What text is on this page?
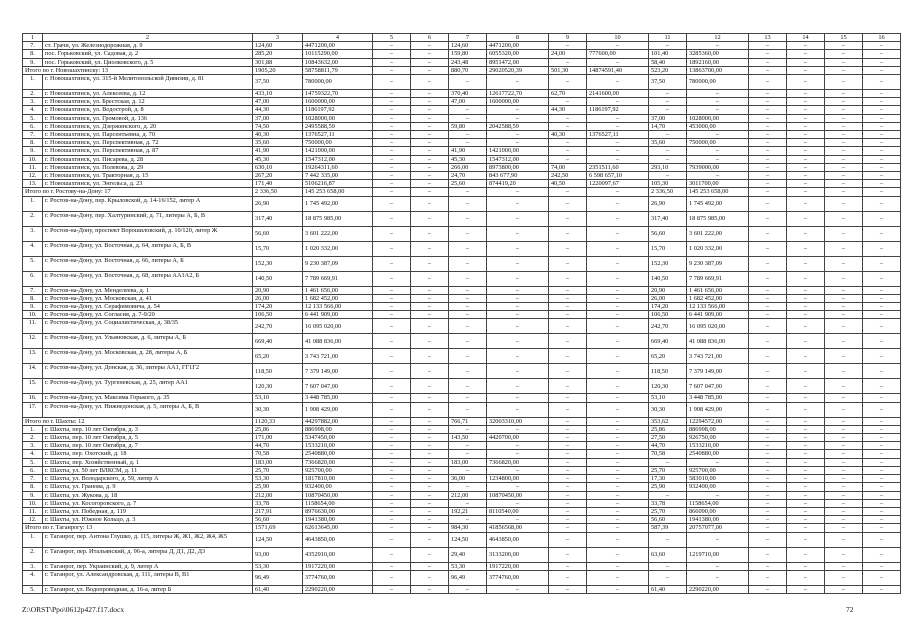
1	2	3	4	5	6	7	8	9	10	11	12	13	14	15	16
7.	ст. Грачи, ул. Железнодорожная, д. 9	124,60	4471200,00	–	–	124,60	4471200,00	–	–	–	–	–	–	–	–
8.	пос. Горьковский, ул. Садовая, д. 2	285,20	10115290,00	–	–	159,80	6055320,00	24,00	777600,00	101,40	3285360,00	–	–	–	–
9.	пос. Горьковский, ул. Циолковского, д. 5	301,88	10843632,00	–	–	243,48	8951472,00	–	–	58,40	1892160,00	–	–	–	–
Итого по г. Новошахтинску: 13		1905,20	58758811,79	–	–	880,70	29020520,39	501,30	14874591,40	523,20	13863700,00	–	–	–	–
1.	г. Новошахтинск, ул. 315-й Мелитопольской Дивизии, д. 81	37,50	780000,00	–	–	–	–	–	–	37,50	780000,00	–	–	–	–
2.	г. Новошахтинск, ул. Алексеева, д. 12	433,10	14759322,70	–	–	370,40	12617722,70	62,70	2141600,00	–	–	–	–	–	–
3.	г. Новошахтинск, ул. Брестская, д. 12	47,00	1600000,00	–	–	47,00	1600000,00	–	–	–	–	–	–	–	–
4.	г. Новошахтинск, ул. Водострой, д. 8	44,30	1186197,92	–	–	–	–	44,30	1186197,92	–	–	–	–	–	–
5.	г. Новошахтинск, ул. Громовой, д. 136	37,00	1028000,00	–	–	–	–	–	–	37,00	1028000,00	–	–	–	–
6.	г. Новошахтинск, ул. Дзержинского, д. 20	74,50	2495588,59	–	–	59,80	2042588,59	–	–	14,70	453000,00	–	–	–	–
7.	г. Новошахтинск, ул. Парсентьевна, д. 70	40,30	1376527,11	–	–	–	–	40,30	1376527,11	–	–	–	–	–	–
8.	г. Новошахтинск, ул. Перспективная, д. 72	35,60	750000,00	–	–	–	–	–	–	35,60	750000,00	–	–	–	–
9.	г. Новошахтинск, ул. Перспективная, д. 87	41,90	1421000,00	–	–	41,90	1421000,00	–	–	–	–	–	–	–	–
10.	г. Новошахтинск, ул. Писарева, д. 28	45,30	1547312,00	–	–	45,30	1547312,00	–	–	–	–	–	–	–	–
11.	г. Новошахтинск, ул. Полевова, д. 29	630,10	19264311,60	–	–	266,00	8973800,00	74,00	2351511,60	293,10	7939000,00	–	–	–	–
12.	г. Новошахтинск, ул. Тракторная, д. 15	267,20	7 442 335,00	–	–	24,70	843 677,90	242,50	6 598 657,10	–	–	–	–	–	–
13.	г. Новошахтинск, ул. Энгельса, д. 23	171,40	5106216,87	–	–	25,60	874419,20	40,50	1220097,67	105,30	3011700,00	–	–	–	–
Итого по г. Ростову-на-Дону: 17		2 336,50	145 253 658,00	–	–	–	–	–	–	2 336,50	145 253 658,00	–	–	–	–
1.	г. Ростов-на-Дону, пер. Крыловской, д. 14-16/152, литер А	26,90	1 745 492,00	–	–	–	–	–	–	26,90	1 745 492,00	–	–	–	–
2.	г. Ростов-на-Дону, пер. Халтуринский, д. 71, литеры А, Б, В	317,40	18 875 985,00	–	–	–	–	–	–	317,40	18 875 985,00	–	–	–	–
3.	г. Ростов-на-Дону, проспект Ворошиловский, д. 10/120, литер Ж	56,60	3 601 222,00	–	–	–	–	–	–	56,60	3 601 222,00	–	–	–	–
4.	г. Ростов-на-Дону, ул. Восточная, д. 64, литеры А, Б, В	15,70	1 020 332,00	–	–	–	–	–	–	15,70	1 020 332,00	–	–	–	–
5.	г. Ростов-на-Дону, ул. Восточная, д. 66, литеры А, Б	152,30	9 230 387,09	–	–	–	–	–	–	152,30	9 230 387,09	–	–	–	–
6.	г. Ростов-на-Дону, ул. Восточная, д. 68, литеры АА1А2, Б	140,50	7 789 669,91	–	–	–	–	–	–	140,50	7 789 669,91	–	–	–	–
7.	г. Ростов-на-Дону, ул. Менделеева, д. 1	20,90	1 461 656,00	–	–	–	–	–	–	20,90	1 461 656,00	–	–	–	–
8.	г. Ростов-на-Дону, ул. Московская, д. 41	26,00	1 682 452,00	–	–	–	–	–	–	26,00	1 682 452,00	–	–	–	–
9.	г. Ростов-на-Дону, ул. Серафимовича, д. 54	174,20	12 133 566,00	–	–	–	–	–	–	174,20	12 133 566,00	–	–	–	–
10.	г. Ростов-на-Дону, ул. Согласия, д. 7-9/20	106,50	6 441 909,00	–	–	–	–	–	–	106,50	6 441 909,00	–	–	–	–
11.	г. Ростов-на-Дону, ул. Социалистическая, д. 38/35	242,70	16 095 020,00	–	–	–	–	–	–	242,70	16 095 020,00	–	–	–	–
12.	г. Ростов-на-Дону, ул. Ульяновская, д. 6, литеры А, Б	669,40	41 088 836,00	–	–	–	–	–	–	669,40	41 088 836,00	–	–	–	–
13.	г. Ростов-на-Дону, ул. Московская, д. 28, литеры А, Б	65,20	3 743 721,00	–	–	–	–	–	–	65,20	3 743 721,00	–	–	–	–
14.	г. Ростов-на-Дону, ул. Донская, д. 36, литеры АА1, ГГ1Г2	118,50	7 379 149,00	–	–	–	–	–	–	118,50	7 379 149,00	–	–	–	–
15.	г. Ростов-на-Дону, ул. Тургеневская, д. 25, литер АА1	120,30	7 607 047,00	–	–	–	–	–	–	120,30	7 607 047,00	–	–	–	–
16.	г. Ростов-на-Дону, ул. Максима Горького, д. 35	53,10	3 448 785,00	–	–	–	–	–	–	53,10	3 448 785,00	–	–	–	–
17.	г. Ростов-на-Дону, ул. Нижнедонская, д. 5, литеры А, Б, В	30,30	1 908 429,00	–	–	–	–	–	–	30,30	1 908 429,00	–	–	–	–
Итого по г. Шахты: 12		1120,33	44297882,00	–	–	766,71	32003310,00	–	–	353,62	12294572,00	–	–	–	–
1.	г. Шахты, пер. 10 лет Октября, д. 3	25,86	886998,00	–	–	–	–	–	–	25,86	886998,00	–	–	–	–
2.	г. Шахты, пер. 10 лет Октября, д. 5	171,00	5347450,00	–	–	143,50	4420700,00	–	–	27,50	926750,00	–	–	–	–
3.	г. Шахты, пер. 10 лет Октября, д. 7	44,70	1533210,00	–	–	–	–	–	–	44,70	1533210,00	–	–	–	–
4.	г. Шахты, пер. Охотский, д. 18	70,58	2540880,00	–	–	–	–	–	–	70,58	2540880,00	–	–	–	–
5.	г. Шахты, пер. Хозяйственный, д. 1	183,00	7366820,00	–	–	183,00	7366820,00	–	–	–	–	–	–	–	–
6.	г. Шахты, ул. 50 лет ВЛКСМ, д. 11	25,70	925700,00	–	–	–	–	–	–	25,70	925700,00	–	–	–	–
7.	г. Шахты, ул. Володарского, д. 59, литер А	53,30	1817810,00	–	–	36,00	1234800,00	–	–	17,30	583010,00	–	–	–	–
8.	г. Шахты, ул. Гранова, д. 9	25,90	932400,00	–	–	–	–	–	–	25,90	932400,00	–	–	–	–
9.	г. Шахты, ул. Жукова, д. 18	212,00	10870450,00	–	–	212,00	10870450,00	–	–	–	–	–	–	–	–
10.	г. Шахты, ул. Косогоровского, д. 7	33,78	1158654,00	–	–	–	–	–	–	33,78	1158654,00	–	–	–	–
11.	г. Шахты, ул. Победная, д. 119	217,91	8976630,00	–	–	192,21	8110540,00	–	–	25,70	866090,00	–	–	–	–
12.	г. Шахты, ул. Южное Кольцо, д. 3	56,60	1941380,00	–	–	–	–	–	–	56,60	1941380,00	–	–	–	–
Итого по г. Таганрогу: 13		1571,69	62613645,00	–	–	984,30	41856568,00	–	–	587,39	20757077,00	–	–	–	–
1.	г. Таганрог, пер. Антона Глушко, д. 115, литеры Ж, Ж1, Ж2, Ж4, Ж5	124,50	4643850,00	–	–	124,50	4643850,00	–	–	–	–	–	–	–	–
2.	г. Таганрог, пер. Итальянский, д. 96-а, литеры Д, Д1, Д2, Д3	93,00	4352910,00	–	–	29,40	3133200,00	–	–	63,60	1219710,00	–	–	–	–
3.	г. Таганрог, пер. Украинский, д. 9, литер А	53,30	1917220,00	–	–	53,30	1917220,00	–	–	–	–	–	–	–	–
4.	г. Таганрог, ул. Александровская, д. 111, литеры В, В1	96,49	3774760,00	–	–	96,49	3774760,00	–	–	–	–	–	–	–	–
5.	г. Таганрог, ул. Водопроводная, д. 16-а, литер Б	61,40	2290220,00	–	–	–	–	–	–	61,40	2290220,00	–	–	–	–
Z:\ORST\Ppo\0612p427.f17.docx	72
